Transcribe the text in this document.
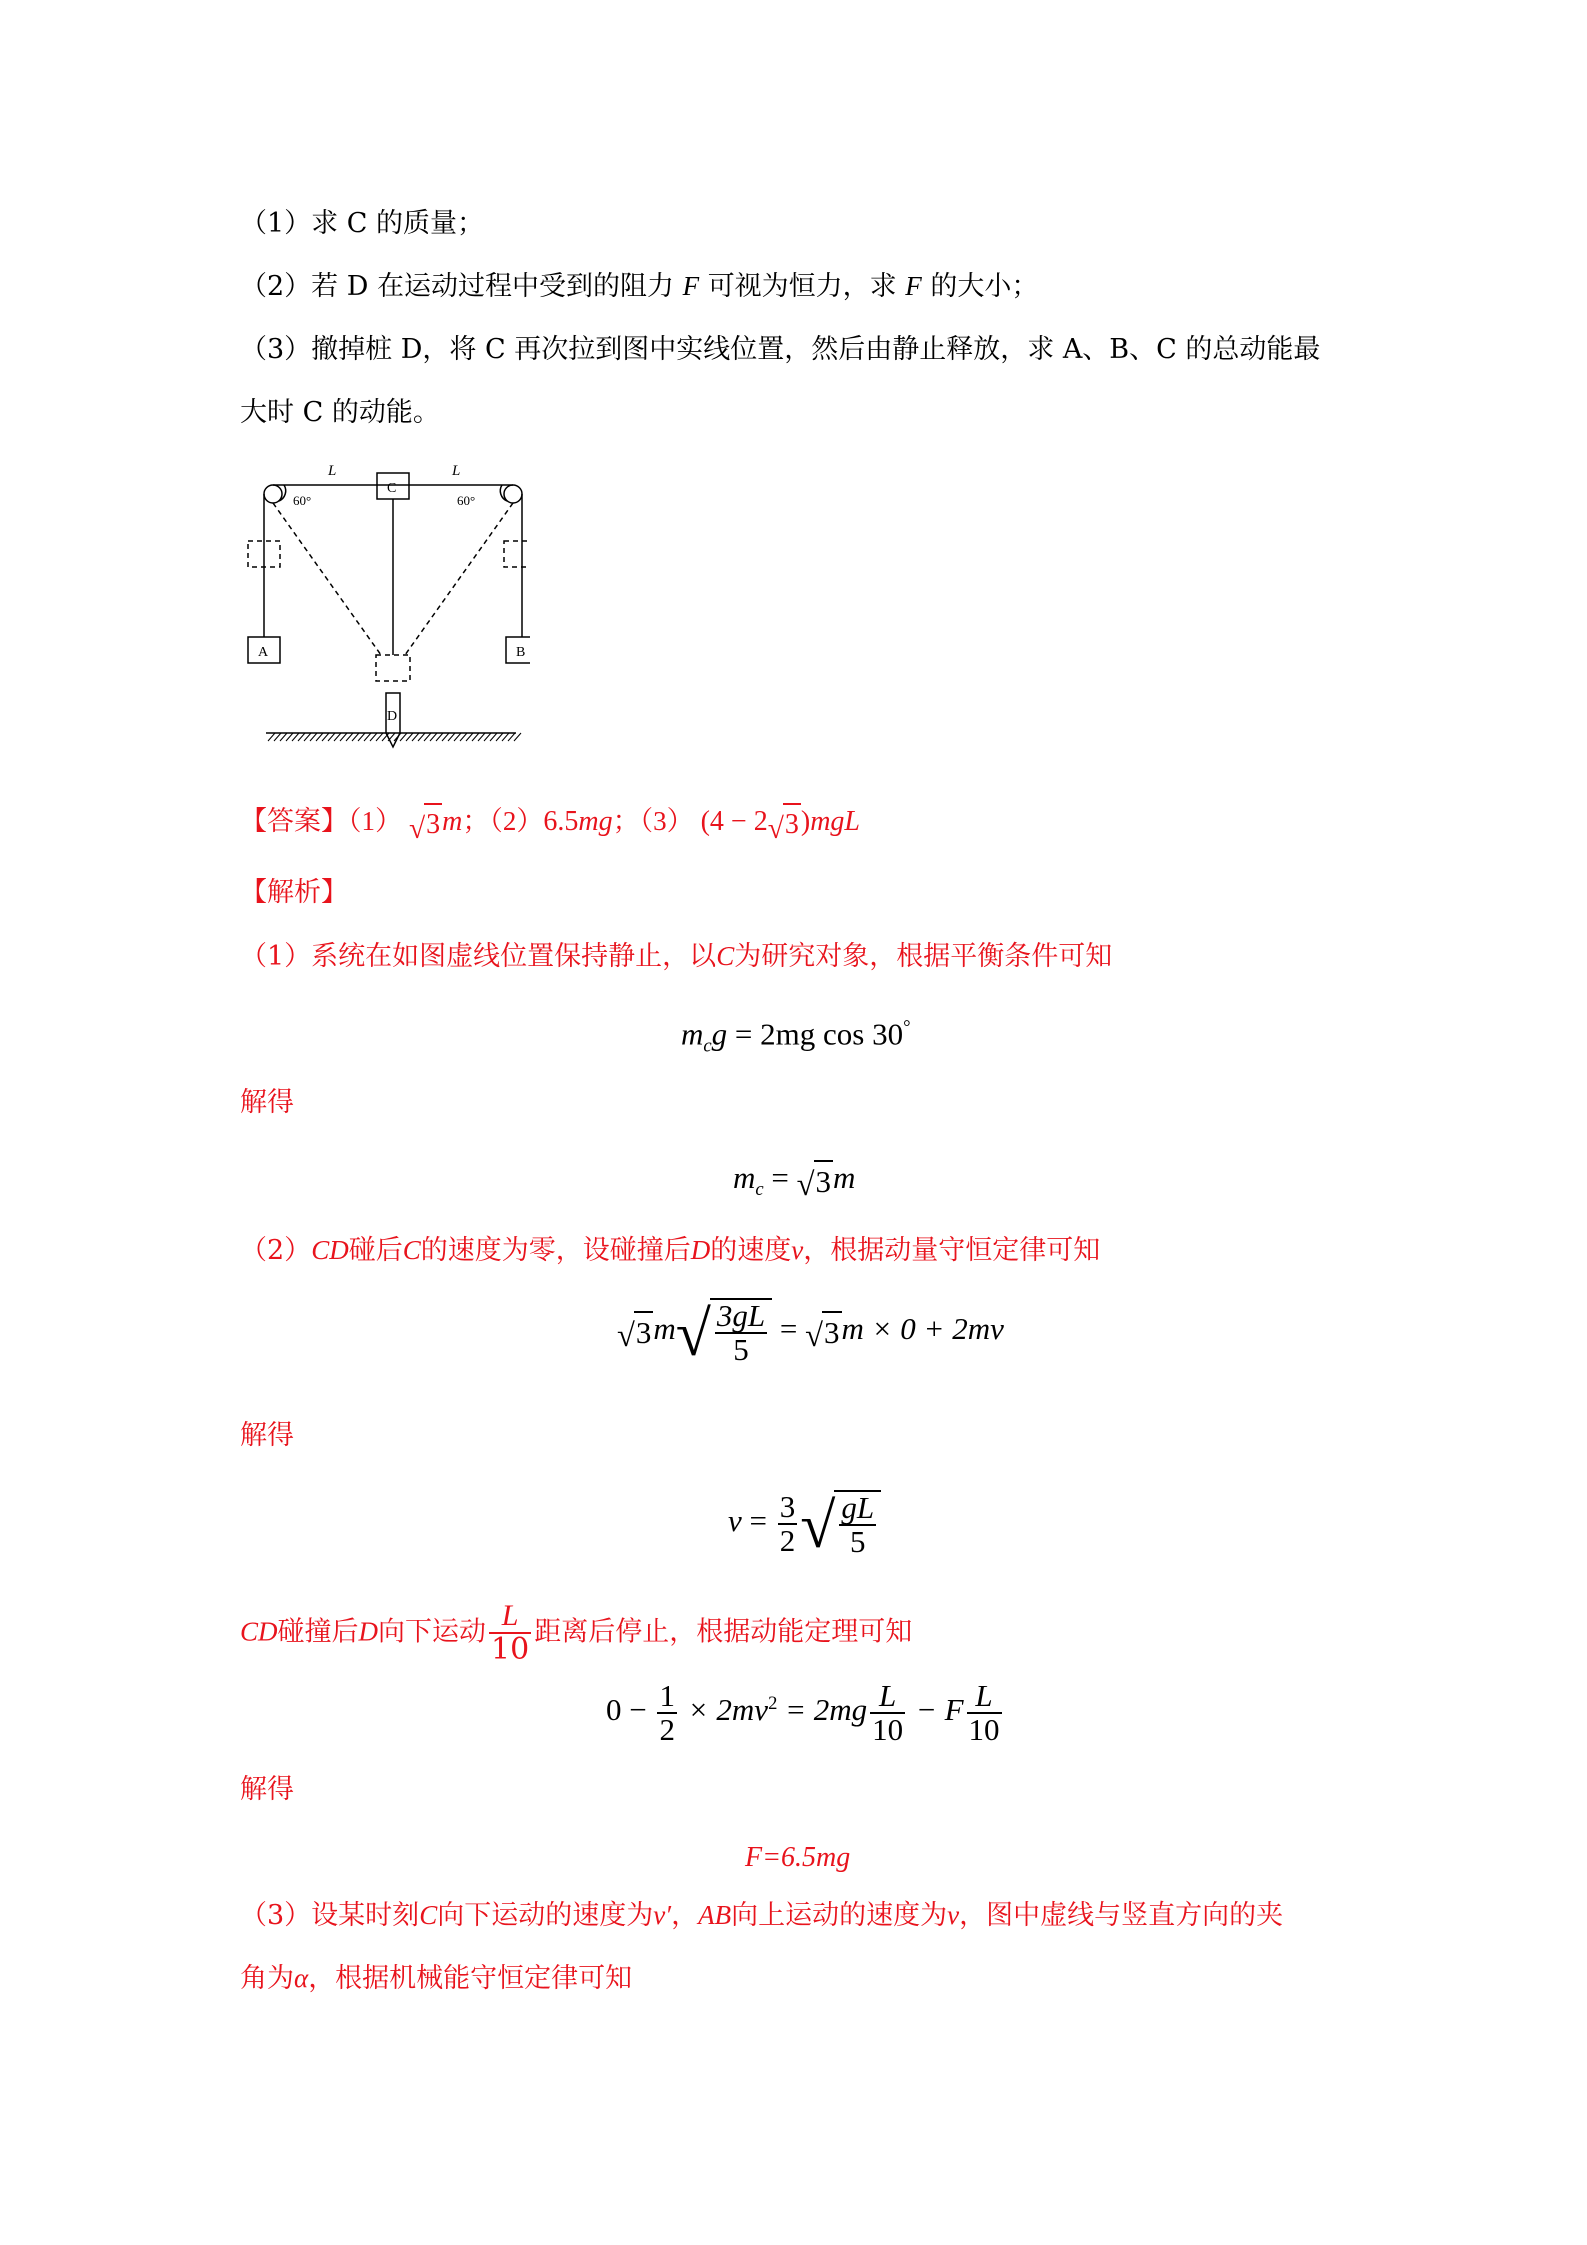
（1）求 C 的质量；
（2）若 D 在运动过程中受到的阻力 F 可视为恒力，求 F 的大小；
（3）撤掉桩 D，将 C 再次拉到图中实线位置，然后由静止释放，求 A、B、C 的总动能最
大时 C 的动能。
L	L
C
60°	60°
A	B
D
【答案】（1） √ 3 m；（2）6.5mg；（3） (4 − 2 √ 3 )mgL
【解析】
（1）系统在如图虚线位置保持静止，以C为研究对象，根据平衡条件可知
$m_cg = 2mg$ cos 30°
解得
$m_c$ = √ 3 m
（2）CD碰后C的速度为零，设碰撞后D的速度v，根据动量守恒定律可知
√ 3 m √ $\frac{3gL}{5}$ = √ 3 m × 0 + 2mv
解得
$v = \frac{3}{2}$ √ $\frac{gL}{5}$
CD碰撞后D向下运动 $\frac{L}{10}$ 距离后停止，根据动能定理可知
$0 - \frac{1}{2} \times 2mv^2 = 2mg \frac{L}{10} - F \frac{L}{10}$
解得
F=6.5mg
（3）设某时刻C向下运动的速度为v′，AB向上运动的速度为v，图中虚线与竖直方向的夹
角为α，根据机械能守恒定律可知
